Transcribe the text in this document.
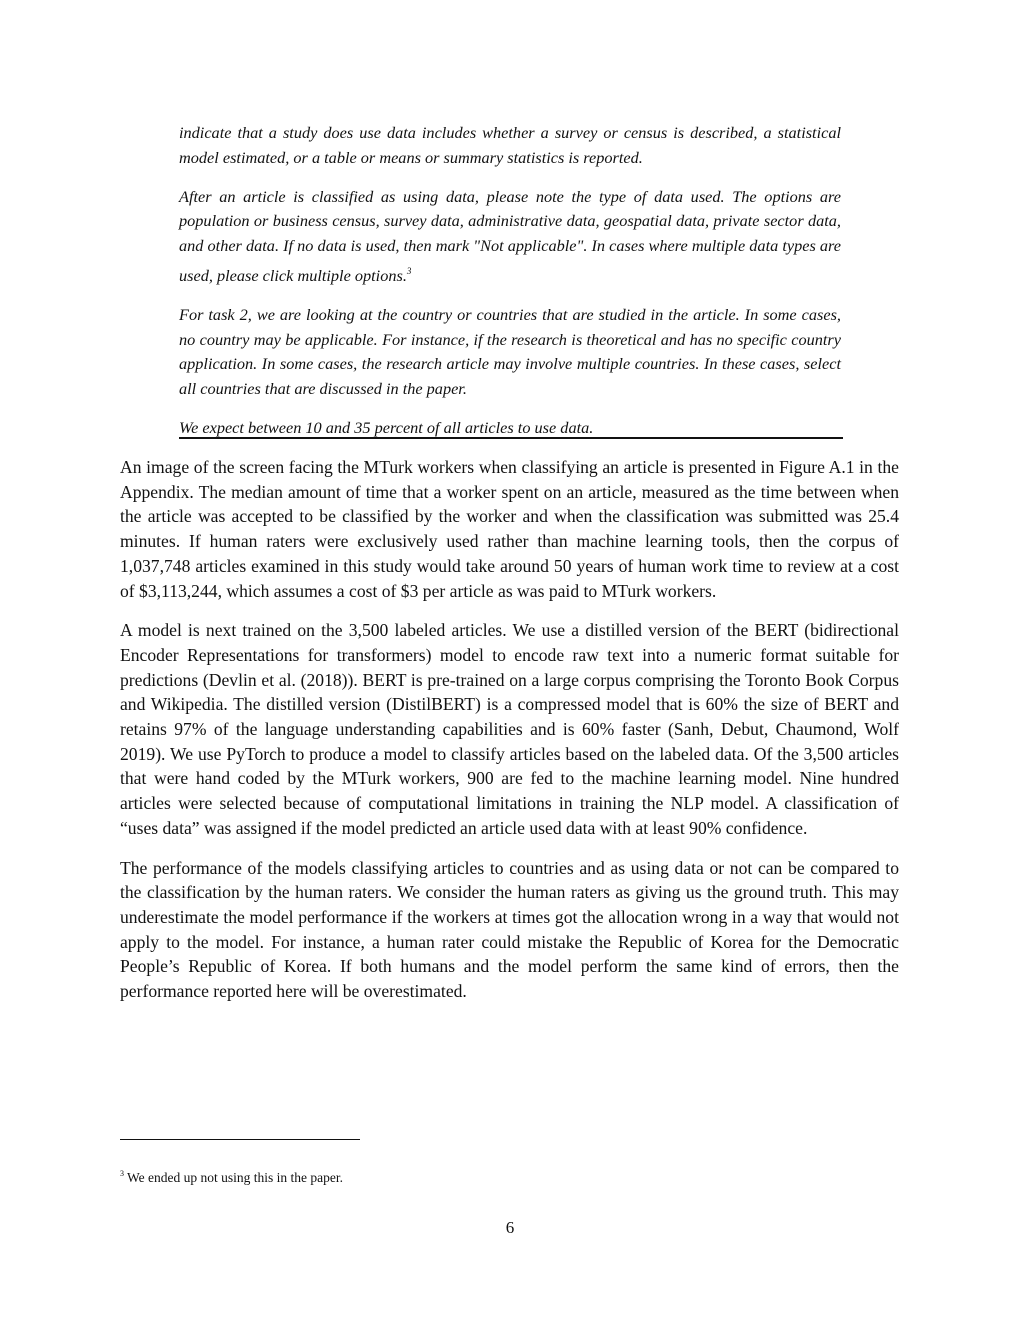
indicate that a study does use data includes whether a survey or census is described, a statistical model estimated, or a table or means or summary statistics is reported.

After an article is classified as using data, please note the type of data used. The options are population or business census, survey data, administrative data, geospatial data, private sector data, and other data. If no data is used, then mark "Not applicable". In cases where multiple data types are used, please click multiple options.$^3$

For task 2, we are looking at the country or countries that are studied in the article. In some cases, no country may be applicable. For instance, if the research is theoretical and has no specific country application. In some cases, the research article may involve multiple countries. In these cases, select all countries that are discussed in the paper.

We expect between 10 and 35 percent of all articles to use data.

An image of the screen facing the MTurk workers when classifying an article is presented in Figure A.1 in the Appendix. The median amount of time that a worker spent on an article, measured as the time between when the article was accepted to be classified by the worker and when the classification was submitted was 25.4 minutes. If human raters were exclusively used rather than machine learning tools, then the corpus of 1,037,748 articles examined in this study would take around 50 years of human work time to review at a cost of $3,113,244, which assumes a cost of $3 per article as was paid to MTurk workers.

A model is next trained on the 3,500 labeled articles. We use a distilled version of the BERT (bidirectional Encoder Representations for transformers) model to encode raw text into a numeric format suitable for predictions (Devlin et al. (2018)). BERT is pre-trained on a large corpus comprising the Toronto Book Corpus and Wikipedia. The distilled version (DistilBERT) is a compressed model that is 60% the size of BERT and retains 97% of the language understanding capabilities and is 60% faster (Sanh, Debut, Chaumond, Wolf 2019). We use PyTorch to produce a model to classify articles based on the labeled data. Of the 3,500 articles that were hand coded by the MTurk workers, 900 are fed to the machine learning model. Nine hundred articles were selected because of computational limitations in training the NLP model. A classification of “uses data” was assigned if the model predicted an article used data with at least 90% confidence.

The performance of the models classifying articles to countries and as using data or not can be compared to the classification by the human raters. We consider the human raters as giving us the ground truth. This may underestimate the model performance if the workers at times got the allocation wrong in a way that would not apply to the model. For instance, a human rater could mistake the Republic of Korea for the Democratic People’s Republic of Korea. If both humans and the model perform the same kind of errors, then the performance reported here will be overestimated.

$^3$ We ended up not using this in the paper.
6
